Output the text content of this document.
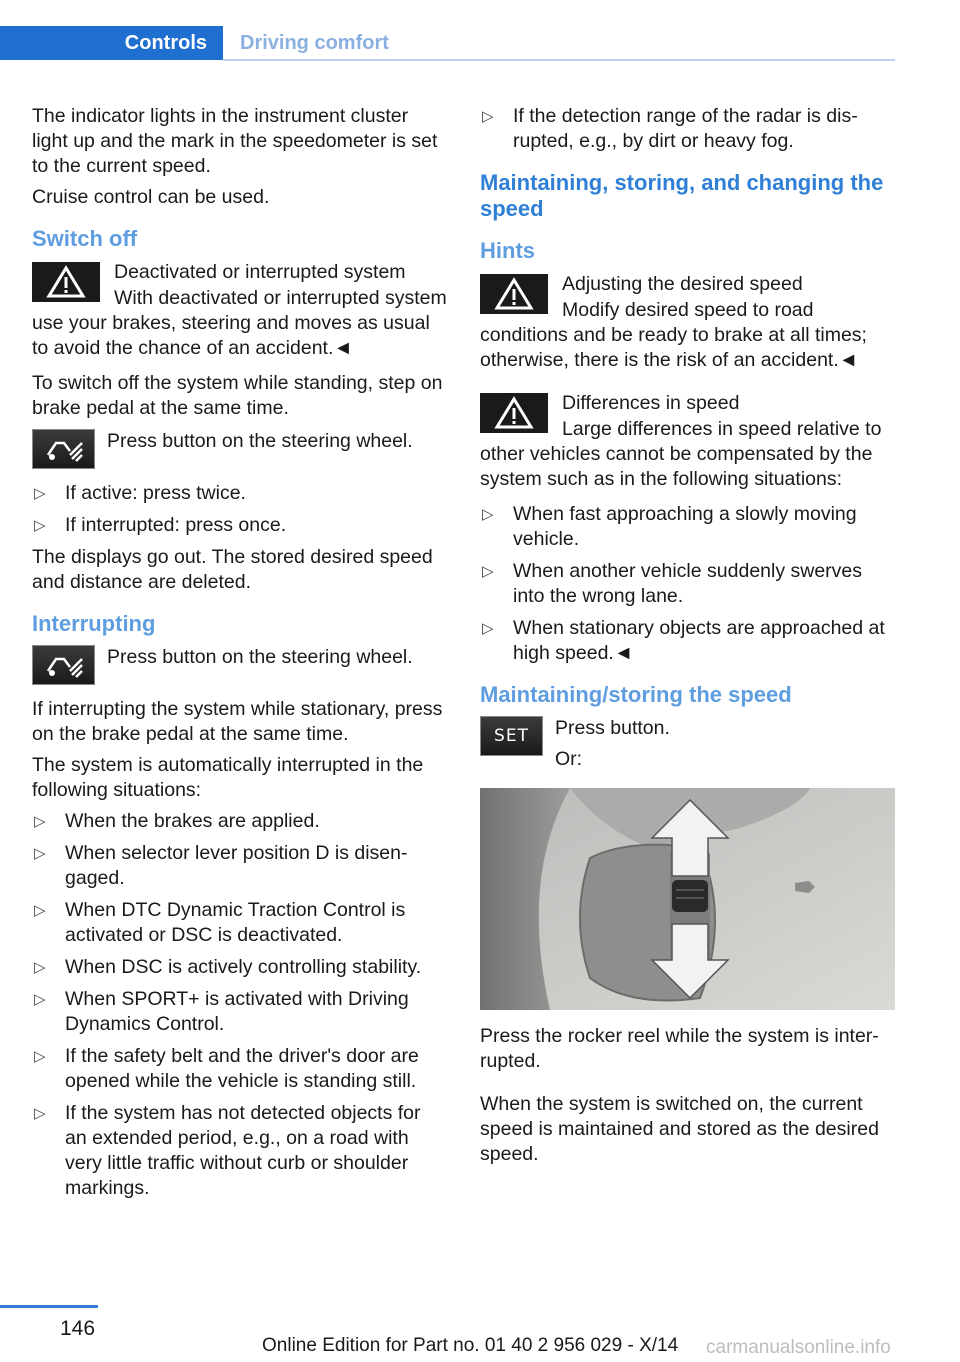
Controls	Driving comfort

The indicator lights in the instrument cluster light up and the mark in the speedometer is set to the current speed.

Cruise control can be used.

Switch off
Deactivated or interrupted system
With deactivated or interrupted system use your brakes, steering and moves as usual to avoid the chance of an accident.◄

To switch off the system while standing, step on brake pedal at the same time.

Press button on the steering wheel.
▷ If active: press twice.
▷ If interrupted: press once.

The displays go out. The stored desired speed and distance are deleted.

Interrupting
Press button on the steering wheel.

If interrupting the system while stationary, press on the brake pedal at the same time.

The system is automatically interrupted in the following situations:

▷ When the brakes are applied.
▷ When selector lever position D is disen‐gaged.
▷ When DTC Dynamic Traction Control is activated or DSC is deactivated.
▷ When DSC is actively controlling stability.
▷ When SPORT+ is activated with Driving Dynamics Control.
▷ If the safety belt and the driver's door are opened while the vehicle is standing still.
▷ If the system has not detected objects for an extended period, e.g., on a road with very little traffic without curb or shoulder markings.
▷ If the detection range of the radar is dis‐rupted, e.g., by dirt or heavy fog.
Maintaining, storing, and changing the speed
Hints
Adjusting the desired speed
Modify desired speed to road conditions and be ready to brake at all times; otherwise, there is the risk of an accident.◄
Differences in speed
Large differences in speed relative to other vehicles cannot be compensated by the system such as in the following situations:
▷ When fast approaching a slowly moving vehicle.
▷ When another vehicle suddenly swerves into the wrong lane.
▷ When stationary objects are approached at high speed.◄
Maintaining/storing the speed
SET Press button.
Or:

Press the rocker reel while the system is inter‐rupted.

When the system is switched on, the current speed is maintained and stored as the desired speed.

146
Online Edition for Part no. 01 40 2 956 029 - X/14 carmanualsonline.info
